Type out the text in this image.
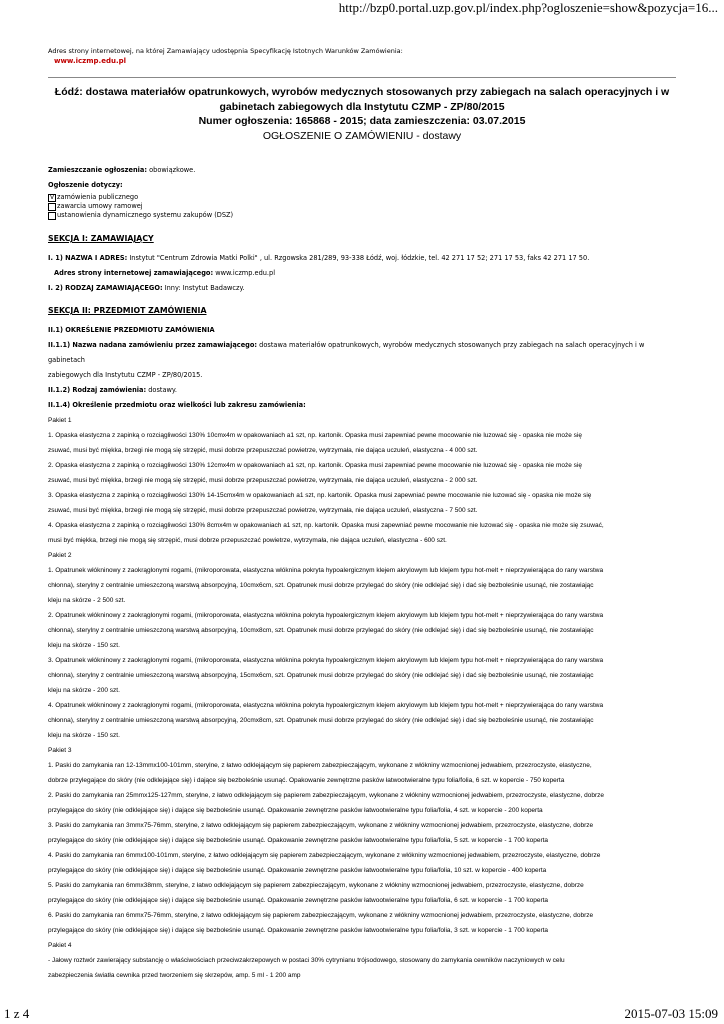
http://bzp0.portal.uzp.gov.pl/index.php?ogloszenie=show&pozycja=16...
Adres strony internetowej, na której Zamawiający udostępnia Specyfikację Istotnych Warunków Zamówienia:
www.iczmp.edu.pl
Łódź: dostawa materiałów opatrunkowych, wyrobów medycznych stosowanych przy zabiegach na salach operacyjnych i w
gabinetach zabiegowych dla Instytutu CZMP - ZP/80/2015
Numer ogłoszenia: 165868 - 2015; data zamieszczenia: 03.07.2015
OGŁOSZENIE O ZAMÓWIENIU - dostawy
Zamieszczanie ogłoszenia: obowiązkowe.
Ogłoszenie dotyczy:
V zamówienia publicznego
zawarcia umowy ramowej
ustanowienia dynamicznego systemu zakupów (DSZ)
SEKCJA I: ZAMAWIAJĄCY
I. 1) NAZWA I ADRES: Instytut "Centrum Zdrowia Matki Polki" , ul. Rzgowska 281/289, 93-338 Łódź, woj. łódzkie, tel. 42 271 17 52; 271 17 53, faks 42 271 17 50.
Adres strony internetowej zamawiającego: www.iczmp.edu.pl
I. 2) RODZAJ ZAMAWIAJĄCEGO: Inny: Instytut Badawczy.
SEKCJA II: PRZEDMIOT ZAMÓWIENIA
II.1) OKREŚLENIE PRZEDMIOTU ZAMÓWIENIA
II.1.1) Nazwa nadana zamówieniu przez zamawiającego: dostawa materiałów opatrunkowych, wyrobów medycznych stosowanych przy zabiegach na salach operacyjnych i w gabinetach
zabiegowych dla Instytutu CZMP - ZP/80/2015.
II.1.2) Rodzaj zamówienia: dostawy.
II.1.4) Określenie przedmiotu oraz wielkości lub zakresu zamówienia:
Pakiet 1
1. Opaska elastyczna z zapinką o rozciągliwości 130% 10cmx4m w opakowaniach a1 szt, np. kartonik. Opaska musi zapewniać pewne mocowanie nie luzować się - opaska nie może się
zsuwać, musi być miękka, brzegi nie mogą się strzępić, musi dobrze przepuszczać powietrze, wytrzymała, nie dająca uczuleń, elastyczna - 4 000 szt.
2. Opaska elastyczna z zapinką o rozciągliwości 130% 12cmx4m w opakowaniach a1 szt, np. kartonik. Opaska musi zapewniać pewne mocowanie nie luzować się - opaska nie może się
zsuwać, musi być miękka, brzegi nie mogą się strzępić, musi dobrze przepuszczać powietrze, wytrzymała, nie dająca uczuleń, elastyczna - 2 000 szt.
3. Opaska elastyczna z zapinką o rozciągliwości 130% 14-15cmx4m w opakowaniach a1 szt, np. kartonik. Opaska musi zapewniać pewne mocowanie nie luzować się - opaska nie może się
zsuwać, musi być miękka, brzegi nie mogą się strzępić, musi dobrze przepuszczać powietrze, wytrzymała, nie dająca uczuleń, elastyczna - 7 500 szt.
4. Opaska elastyczna z zapinką o rozciągliwości 130% 8cmx4m w opakowaniach a1 szt, np. kartonik. Opaska musi zapewniać pewne mocowanie nie luzować się - opaska nie może się zsuwać,
musi być miękka, brzegi nie mogą się strzępić, musi dobrze przepuszczać powietrze, wytrzymała, nie dająca uczuleń, elastyczna - 600 szt.
Pakiet 2
1. Opatrunek włókninowy z zaokrąglonymi rogami, (mikroporowata, elastyczna włóknina pokryta hypoalergicznym klejem akrylowym lub klejem typu hot-melt + nieprzywierająca do rany warstwa
chłonna), sterylny z centralnie umieszczoną warstwą absorpcyjną, 10cmx6cm, szt. Opatrunek musi dobrze przylegać do skóry (nie odklejać się) i dać się bezboleśnie usunąć, nie zostawiając
kleju na skórze - 2 500 szt.
2. Opatrunek włókninowy z zaokrąglonymi rogami, (mikroporowata, elastyczna włóknina pokryta hypoalergicznym klejem akrylowym lub klejem typu hot-melt + nieprzywierająca do rany warstwa
chłonna), sterylny z centralnie umieszczoną warstwą absorpcyjną, 10cmx8cm, szt. Opatrunek musi dobrze przylegać do skóry (nie odklejać się) i dać się bezboleśnie usunąć, nie zostawiając
kleju na skórze - 150 szt.
3. Opatrunek włókninowy z zaokrąglonymi rogami, (mikroporowata, elastyczna włóknina pokryta hypoalergicznym klejem akrylowym lub klejem typu hot-melt + nieprzywierająca do rany warstwa
chłonna), sterylny z centralnie umieszczoną warstwą absorpcyjną, 15cmx6cm, szt. Opatrunek musi dobrze przylegać do skóry (nie odklejać się) i dać się bezboleśnie usunąć, nie zostawiając
kleju na skórze - 200 szt.
4. Opatrunek włókninowy z zaokrąglonymi rogami, (mikroporowata, elastyczna włóknina pokryta hypoalergicznym klejem akrylowym lub klejem typu hot-melt + nieprzywierająca do rany warstwa
chłonna), sterylny z centralnie umieszczoną warstwą absorpcyjną, 20cmx8cm, szt. Opatrunek musi dobrze przylegać do skóry (nie odklejać się) i dać się bezboleśnie usunąć, nie zostawiając
kleju na skórze - 150 szt.
Pakiet 3
1. Paski do zamykania ran 12-13mmx100-101mm, sterylne, z łatwo odklejającym się papierem zabezpieczającym, wykonane z włókniny wzmocnionej jedwabiem, przezroczyste, elastyczne,
dobrze przylegające do skóry (nie odklejające się) i dające się bezboleśnie usunąć. Opakowanie zewnętrzne pasków łatwootwieralne typu folia/folia, 6 szt. w kopercie - 750 koperta
2. Paski do zamykania ran 25mmx125-127mm, sterylne, z łatwo odklejającym się papierem zabezpieczającym, wykonane z włókniny wzmocnionej jedwabiem, przezroczyste, elastyczne, dobrze
przylegające do skóry (nie odklejające się) i dające się bezboleśnie usunąć. Opakowanie zewnętrzne pasków łatwootwieralne typu folia/folia, 4 szt. w kopercie - 200 koperta
3. Paski do zamykania ran 3mmx75-76mm, sterylne, z łatwo odklejającym się papierem zabezpieczającym, wykonane z włókniny wzmocnionej jedwabiem, przezroczyste, elastyczne, dobrze
przylegające do skóry (nie odklejające się) i dające się bezboleśnie usunąć. Opakowanie zewnętrzne pasków łatwootwieralne typu folia/folia, 5 szt. w kopercie - 1 700 koperta
4. Paski do zamykania ran 6mmx100-101mm, sterylne, z łatwo odklejającym się papierem zabezpieczającym, wykonane z włókniny wzmocnionej jedwabiem, przezroczyste, elastyczne, dobrze
przylegające do skóry (nie odklejające się) i dające się bezboleśnie usunąć. Opakowanie zewnętrzne pasków łatwootwieralne typu folia/folia, 10 szt. w kopercie - 400 koperta
5. Paski do zamykania ran 6mmx38mm, sterylne, z łatwo odklejającym się papierem zabezpieczającym, wykonane z włókniny wzmocnionej jedwabiem, przezroczyste, elastyczne, dobrze
przylegające do skóry (nie odklejające się) i dające się bezboleśnie usunąć. Opakowanie zewnętrzne pasków łatwootwieralne typu folia/folia, 6 szt. w kopercie - 1 700 koperta
6. Paski do zamykania ran 6mmx75-76mm, sterylne, z łatwo odklejającym się papierem zabezpieczającym, wykonane z włókniny wzmocnionej jedwabiem, przezroczyste, elastyczne, dobrze
przylegające do skóry (nie odklejające się) i dające się bezboleśnie usunąć. Opakowanie zewnętrzne pasków łatwootwieralne typu folia/folia, 3 szt. w kopercie - 1 700 koperta
Pakiet 4
- Jałowy roztwór zawierający substancję o właściwościach przeciwzakrzepowych w postaci 30% cytrynianu trójsodowego, stosowany do zamykania cewników naczyniowych w celu
zabezpieczenia światła cewnika przed tworzeniem się skrzepów, amp. 5 ml - 1 200 amp
1 z 4	2015-07-03 15:09
